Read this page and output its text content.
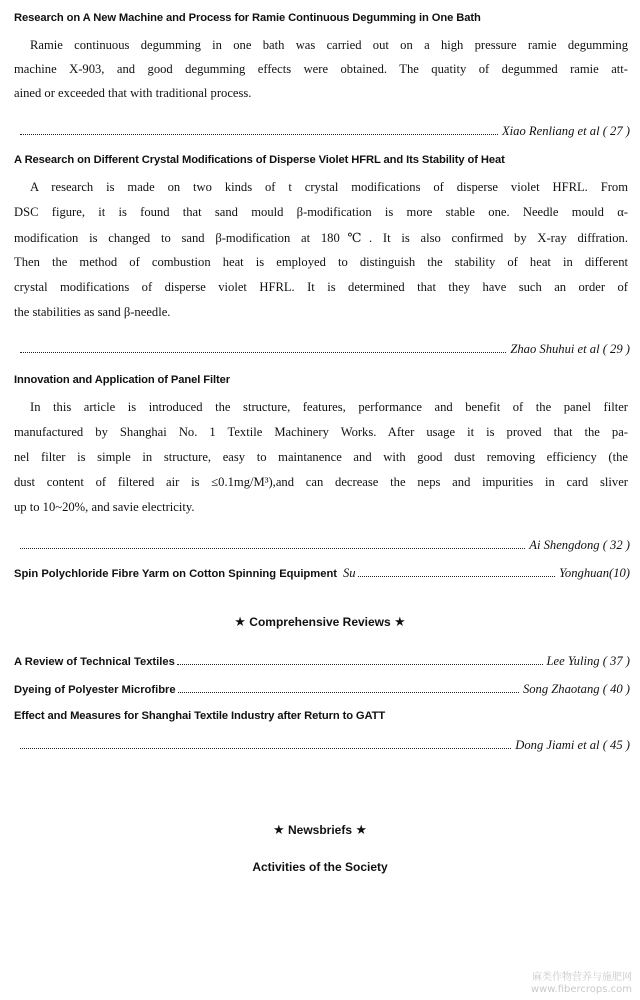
Research on A New Machine and Process for Ramie Continuous Degumming in One Bath
Ramie continuous degumming in one bath was carried out on a high pressure ramie degumming
machine X-903, and good degumming effects were obtained. The quatity of degummed ramie att-
ained or exceeded that with traditional process.
Xiao Renliang et al ( 27 )
A Research on Different Crystal Modifications of Disperse Violet HFRL and Its Stability of Heat
A research is made on two kinds of t crystal modifications of disperse violet HFRL. From
DSC figure, it is found that sand mould β-modification is more stable one. Needle mould α-
modification is changed to sand β-modification at 180℃. It is also confirmed by X-ray diffration.
Then the method of combustion heat is employed to distinguish the stability of heat in different
crystal modifications of disperse violet HFRL. It is determined that they have such an order of
the stabilities as sand β-needle.
Zhao Shuhui et al ( 29 )
Innovation and Application of Panel Filter
In this article is introduced the structure, features, performance and benefit of the panel filter
manufactured by Shanghai No. 1 Textile Machinery Works. After usage it is proved that the pa-
nel filter is simple in structure, easy to maintanence and with good dust removing efficiency (the
dust content of filtered air is ≤0.1mg/M³),and can decrease the neps and impurities in card sliver
up to 10~20%, and savie electricity.
Ai Shengdong ( 32 )
Spin Polychloride Fibre Yarm on Cotton Spinning Equipment Su	Yonghuan(10)
★ Comprehensive Reviews ★
A Review of Technical Textiles	Lee Yuling ( 37 )
Dyeing of Polyester Microfibre	Song Zhaotang ( 40 )
Effect and Measures for Shanghai Textile Industry after Return to GATT
Dong Jiami et al ( 45 )
★ Newsbriefs ★
Activities of the Society
麻类作物营养与施肥网
www.fibercrops.com
